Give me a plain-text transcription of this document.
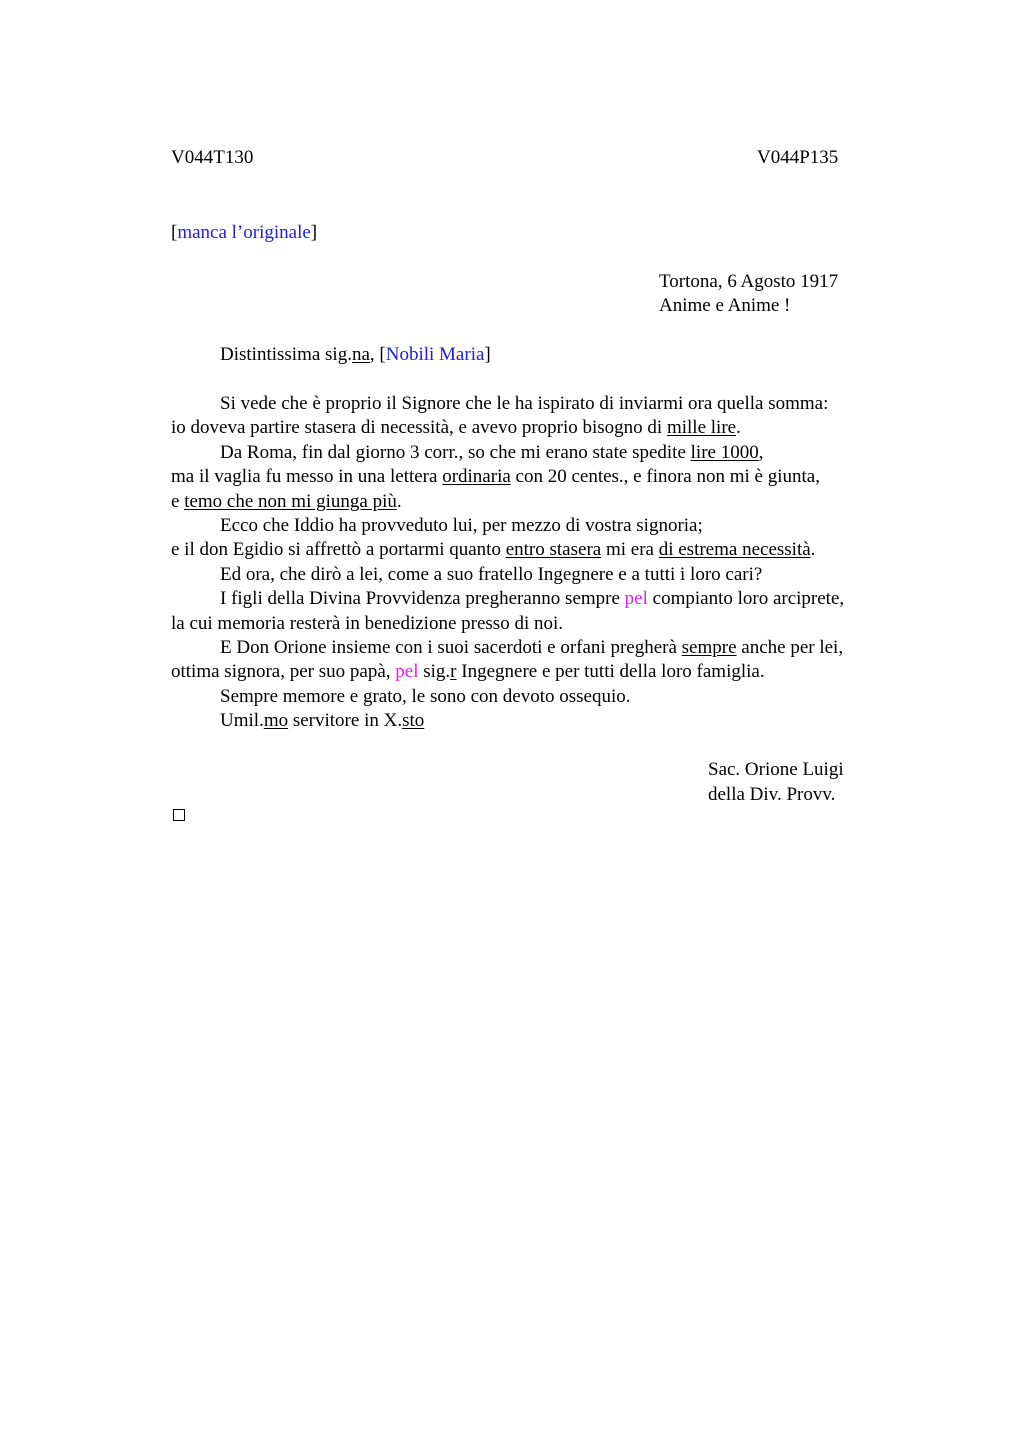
V044T130	V044P135
[manca l’originale]
Tortona, 6 Agosto 1917
Anime e Anime !
Distintissima sig.na, [Nobili Maria]
Si vede che è proprio il Signore che le ha ispirato di inviarmi ora quella somma:
io doveva partire stasera di necessità, e avevo proprio bisogno di mille lire.
Da Roma, fin dal giorno 3 corr., so che mi erano state spedite lire 1000,
ma il vaglia fu messo in una lettera ordinaria con 20 centes., e finora non mi è giunta,
e temo che non mi giunga più.
Ecco che Iddio ha provveduto lui, per mezzo di vostra signoria;
e il don Egidio si affrettò a portarmi quanto entro stasera mi era di estrema necessità.
Ed ora, che dirò a lei, come a suo fratello Ingegnere e a tutti i loro cari?
I figli della Divina Provvidenza pregheranno sempre pel compianto loro arciprete,
la cui memoria resterà in benedizione presso di noi.
E Don Orione insieme con i suoi sacerdoti e orfani pregherà sempre anche per lei,
ottima signora, per suo papà, pel sig.r Ingegnere e per tutti della loro famiglia.
Sempre memore e grato, le sono con devoto ossequio.
Umil.mo servitore in X.sto
Sac. Orione Luigi
della Div. Provv.
